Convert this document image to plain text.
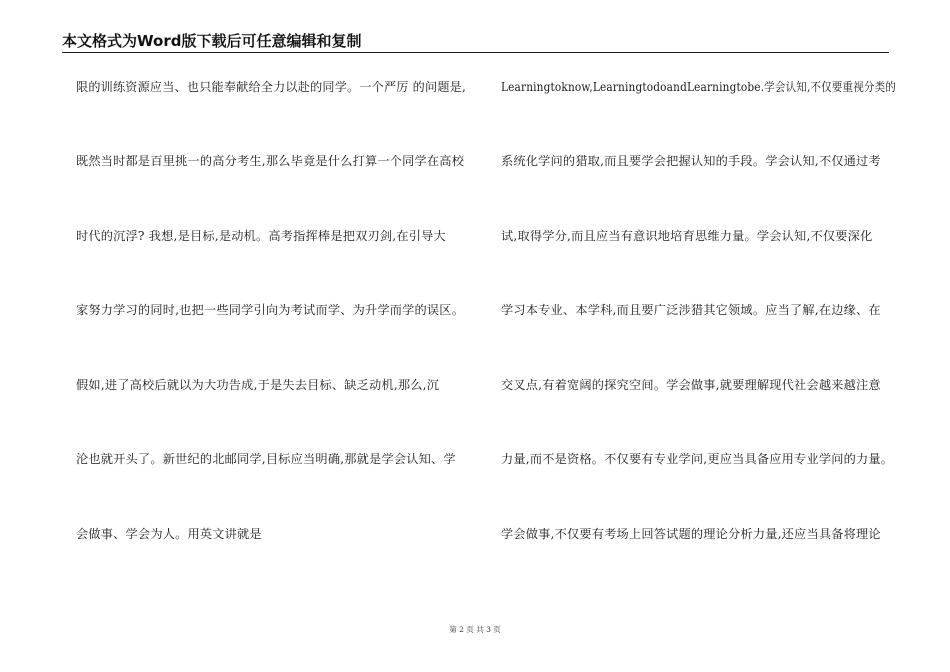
本文格式为Word版下载后可任意编辑和复制
限的训练资源应当、也只能奉献给全力以赴的同学。一个严厉 的问题是,
既然当时都是百里挑一的高分考生,那么毕竟是什么打算一个同学在高校
时代的沉浮? 我想,是目标,是动机。高考指挥棒是把双刃剑,在引导大
家努力学习的同时,也把一些同学引向为考试而学、为升学而学的误区。
假如,进了高校后就以为大功告成,于是失去目标、缺乏动机,那么,沉
沦也就开头了。新世纪的北邮同学,目标应当明确,那就是学会认知、学
会做事、学会为人。用英文讲就是
Learningtoknow,LearningtodoandLearningtobe.学会认知,不仅要重视分类的
系统化学问的猎取,而且要学会把握认知的手段。学会认知,不仅通过考
试,取得学分,而且应当有意识地培育思维力量。学会认知,不仅要深化
学习本专业、本学科,而且要广泛涉猎其它领域。应当了解,在边缘、在
交叉点,有着宽阔的探究空间。学会做事,就要理解现代社会越来越注意
力量,而不是资格。不仅要有专业学问,更应当具备应用专业学问的力量。
学会做事,不仅要有考场上回答试题的理论分析力量,还应当具备将理论
第 2 页 共 3 页
